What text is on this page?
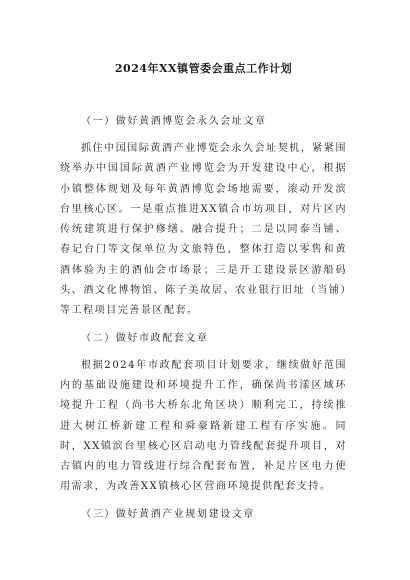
2024年XX镇管委会重点工作计划
（一）做好黄酒博览会永久会址文章
抓住中国国际黄酒产业博览会永久会址契机，紧紧围绕举办中国国际黄酒产业博览会为开发建设中心，根据小镇整体规划及每年黄酒博览会场地需要，滚动开发滨台里核心区。一是重点推进XX镇合市坊项目，对片区内传统建筑进行保护修缮、融合提升；二是以同泰当铺、春记台门等文保单位为文旅特色，整体打造以零售和黄酒体验为主的酒仙会市场景；三是开工建设景区游船码头、酒文化博物馆、陈子美故居、农业银行旧址（当铺）等工程项目完善景区配套。
（二）做好市政配套文章
根据2024年市政配套项目计划要求，继续做好范围内的基础设施建设和环境提升工作，确保尚书漾区域环境提升工程（尚书大桥东北角区块）顺利完工，持续推进大树江桥新建工程和舜豪路新建工程有序实施。同时，XX镇滨台里核心区启动电力管线配套提升项目，对古镇内的电力管线进行综合配套布置，补足片区电力使用需求，为改善XX镇核心区营商环境提供配套支持。
（三）做好黄酒产业规划建设文章
